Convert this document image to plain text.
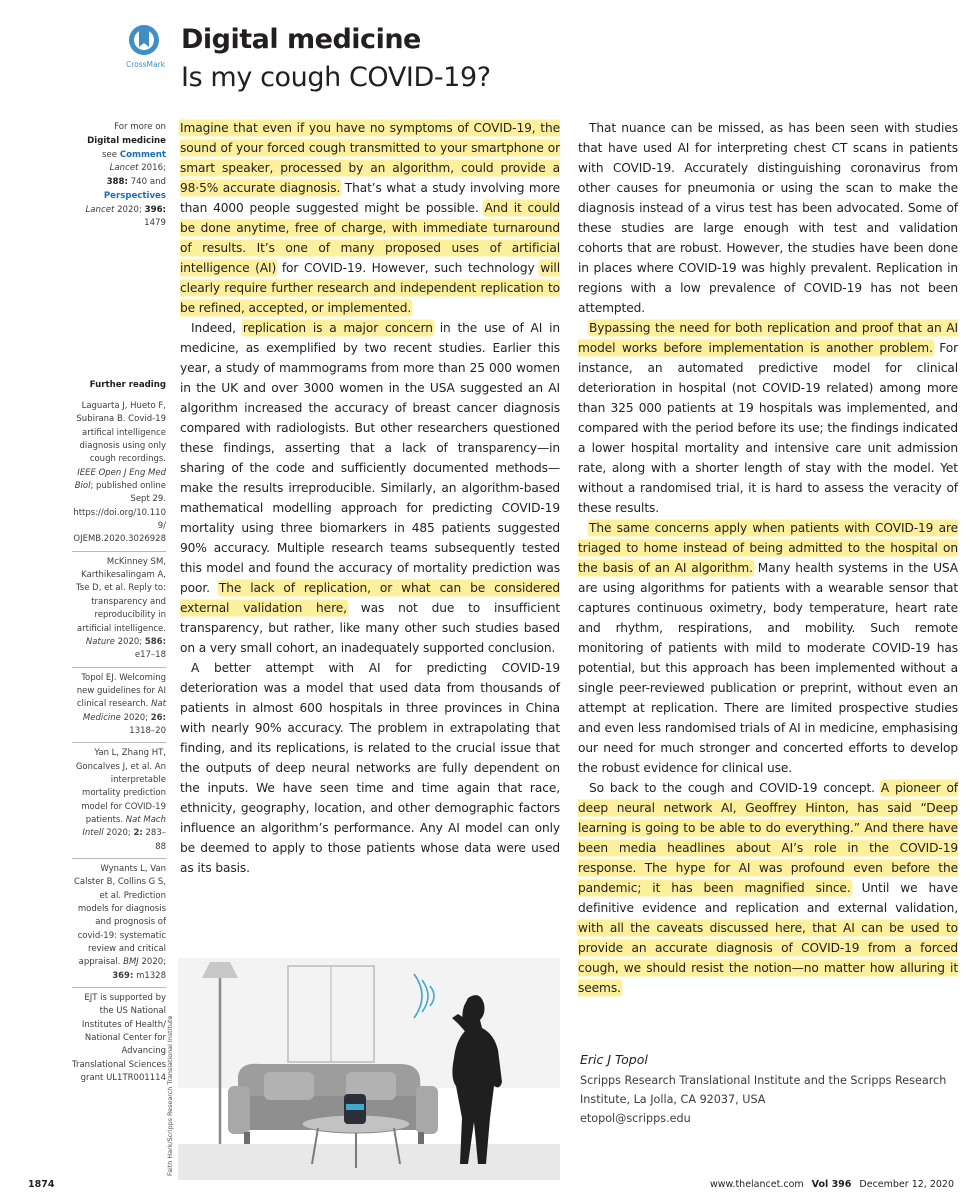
CrossMark
Digital medicine
Is my cough COVID-19?
For more on Digital medicine
see Comment Lancet 2016;
388: 740 and Perspectives
Lancet 2020; 396: 1479
Further reading
Laguarta J, Hueto F, Subirana B. Covid-19 artifical intelligence diagnosis using only cough recordings. IEEE Open J Eng Med Biol; published online Sept 29. https://doi.org/10.1109/ OJEMB.2020.3026928
McKinney SM, Karthikesalingam A, Tse D, et al. Reply to: transparency and reproducibility in artificial intelligence. Nature 2020; 586: e17–18
Topol EJ. Welcoming new guidelines for AI clinical research. Nat Medicine 2020; 26: 1318–20
Yan L, Zhang HT, Goncalves J, et al. An interpretable mortality prediction model for COVID-19 patients. Nat Mach Intell 2020; 2: 283–88
Wynants L, Van Calster B, Collins G S, et al. Prediction models for diagnosis and prognosis of covid-19: systematic review and critical appraisal. BMJ 2020; 369: m1328
EJT is supported by the US National Institutes of Health/ National Center for Advancing Translational Sciences grant UL1TR001114

Imagine that even if you have no symptoms of COVID-19, the sound of your forced cough transmitted to your smartphone or smart speaker, processed by an algorithm, could provide a 98·5% accurate diagnosis. That’s what a study involving more than 4000 people suggested might be possible. And it could be done anytime, free of charge, with immediate turnaround of results. It’s one of many proposed uses of artificial intelligence (AI) for COVID-19. However, such technology will clearly require further research and independent replication to be refined, accepted, or implemented.

Indeed, replication is a major concern in the use of AI in medicine, as exemplified by two recent studies. Earlier this year, a study of mammograms from more than 25 000 women in the UK and over 3000 women in the USA suggested an AI algorithm increased the accuracy of breast cancer diagnosis compared with radiologists. But other researchers questioned these findings, asserting that a lack of transparency—in sharing of the code and sufficiently documented methods—make the results irreproducible. Similarly, an algorithm-based mathematical modelling approach for predicting COVID-19 mortality using three biomarkers in 485 patients suggested 90% accuracy. Multiple research teams subsequently tested this model and found the accuracy of mortality prediction was poor. The lack of replication, or what can be considered external validation here, was not due to insufficient transparency, but rather, like many other such studies based on a very small cohort, an inadequately supported conclusion.

A better attempt with AI for predicting COVID-19 deterioration was a model that used data from thousands of patients in almost 600 hospitals in three provinces in China with nearly 90% accuracy. The problem in extrapolating that finding, and its replications, is related to the crucial issue that the outputs of deep neural networks are fully dependent on the inputs. We have seen time and time again that race, ethnicity, geography, location, and other demographic factors influence an algorithm’s performance. Any AI model can only be deemed to apply to those patients whose data were used as its basis.

That nuance can be missed, as has been seen with studies that have used AI for interpreting chest CT scans in patients with COVID-19. Accurately distinguishing coronavirus from other causes for pneumonia or using the scan to make the diagnosis instead of a virus test has been advocated. Some of these studies are large enough with test and validation cohorts that are robust. However, the studies have been done in places where COVID-19 was highly prevalent. Replication in regions with a low prevalence of COVID-19 has not been attempted.

Bypassing the need for both replication and proof that an AI model works before implementation is another problem. For instance, an automated predictive model for clinical deterioration in hospital (not COVID-19 related) among more than 325 000 patients at 19 hospitals was implemented, and compared with the period before its use; the findings indicated a lower hospital mortality and intensive care unit admission rate, along with a shorter length of stay with the model. Yet without a randomised trial, it is hard to assess the veracity of these results.

The same concerns apply when patients with COVID-19 are triaged to home instead of being admitted to the hospital on the basis of an AI algorithm. Many health systems in the USA are using algorithms for patients with a wearable sensor that captures continuous oximetry, body temperature, heart rate and rhythm, respirations, and mobility. Such remote monitoring of patients with mild to moderate COVID-19 has potential, but this approach has been implemented without a single peer-reviewed publication or preprint, without even an attempt at replication. There are limited prospective studies and even less randomised trials of AI in medicine, emphasising our need for much stronger and concerted efforts to develop the robust evidence for clinical use.

So back to the cough and COVID-19 concept. A pioneer of deep neural network AI, Geoffrey Hinton, has said “Deep learning is going to be able to do everything.” And there have been media headlines about AI’s role in the COVID-19 response. The hype for AI was profound even before the pandemic; it has been magnified since. Until we have definitive evidence and replication and external validation, with all the caveats discussed here, that AI can be used to provide an accurate diagnosis of COVID-19 from a forced cough, we should resist the notion—no matter how alluring it seems.

Faith Hark/Scripps Research Translational Institute	Eric J Topol
Scripps Research Translational Institute and the Scripps Research Institute, La Jolla, CA 92037, USA
etopol@scripps.edu
1874	www.thelancet.com Vol 396 December 12, 2020
